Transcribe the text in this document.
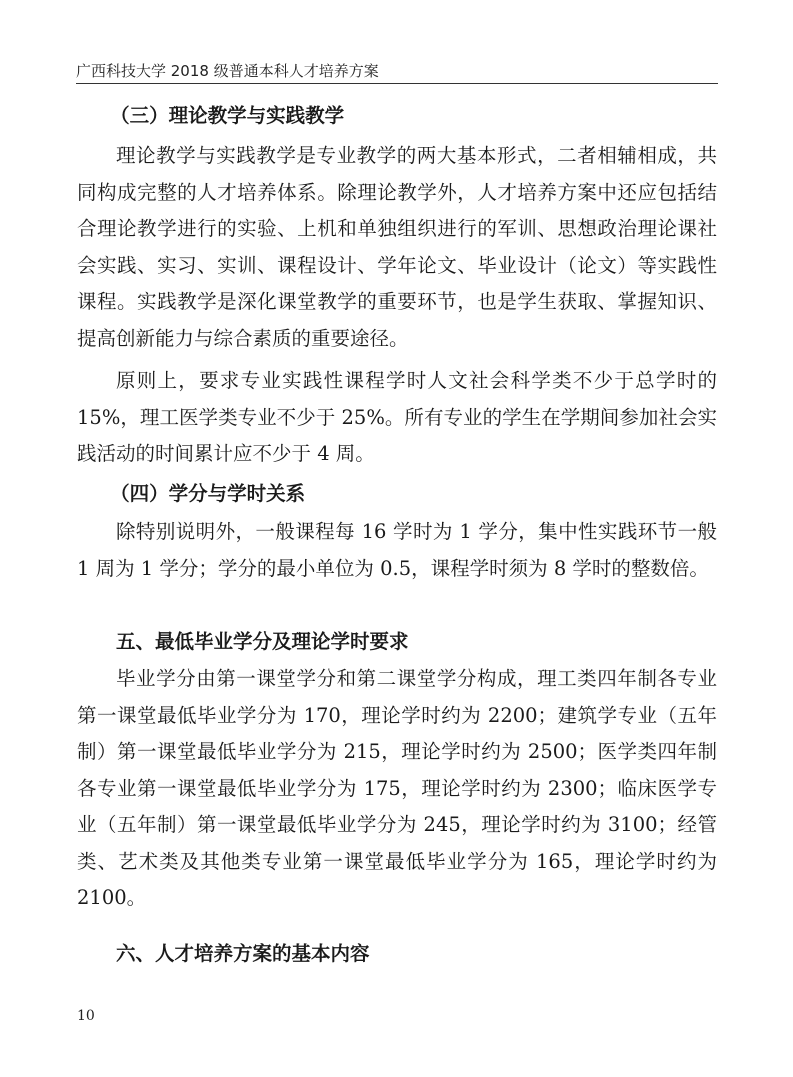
广西科技大学 2018 级普通本科人才培养方案

（三）理论教学与实践教学

理论教学与实践教学是专业教学的两大基本形式，二者相辅相成，共同构成完整的人才培养体系。除理论教学外，人才培养方案中还应包括结合理论教学进行的实验、上机和单独组织进行的军训、思想政治理论课社会实践、实习、实训、课程设计、学年论文、毕业设计（论文）等实践性课程。实践教学是深化课堂教学的重要环节，也是学生获取、掌握知识、提高创新能力与综合素质的重要途径。

原则上，要求专业实践性课程学时人文社会科学类不少于总学时的 15%，理工医学类专业不少于 25%。所有专业的学生在学期间参加社会实践活动的时间累计应不少于 4 周。

（四）学分与学时关系

除特别说明外，一般课程每 16 学时为 1 学分，集中性实践环节一般 1 周为 1 学分；学分的最小单位为 0.5，课程学时须为 8 学时的整数倍。

五、最低毕业学分及理论学时要求

毕业学分由第一课堂学分和第二课堂学分构成，理工类四年制各专业第一课堂最低毕业学分为 170，理论学时约为 2200；建筑学专业（五年制）第一课堂最低毕业学分为 215，理论学时约为 2500；医学类四年制各专业第一课堂最低毕业学分为 175，理论学时约为 2300；临床医学专业（五年制）第一课堂最低毕业学分为 245，理论学时约为 3100；经管类、艺术类及其他类专业第一课堂最低毕业学分为 165，理论学时约为 2100。

六、人才培养方案的基本内容

10
